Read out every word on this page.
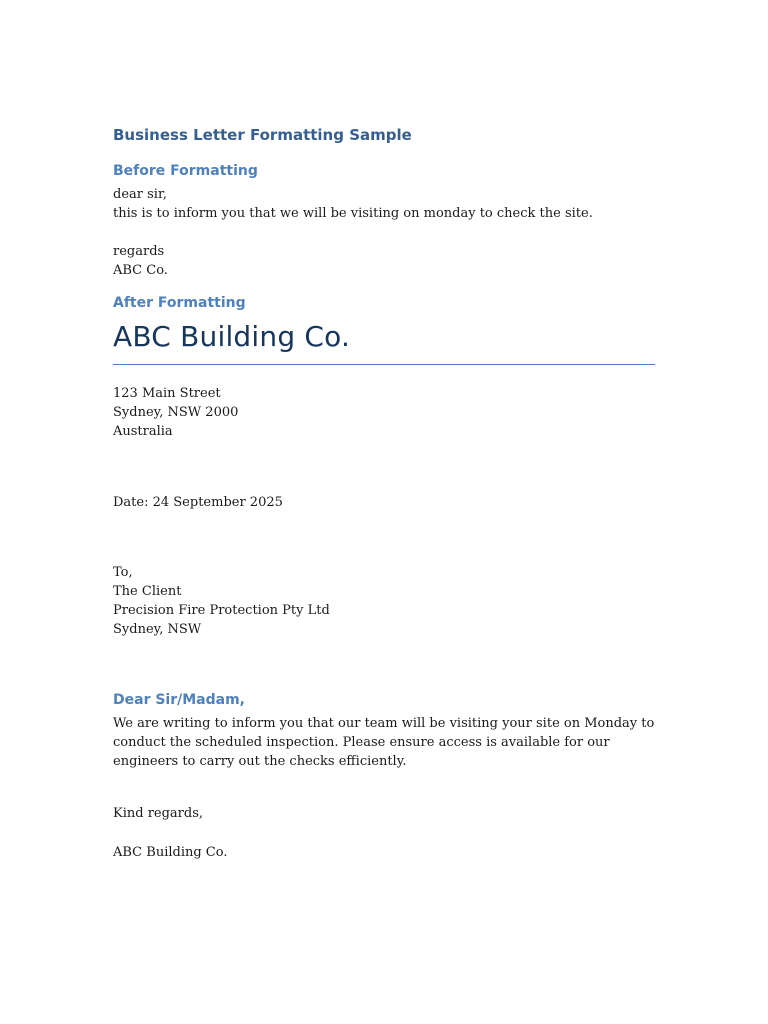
Business Letter Formatting Sample
Before Formatting
dear sir,
this is to inform you that we will be visiting on monday to check the site.
regards
ABC Co.
After Formatting
ABC Building Co.
123 Main Street
Sydney, NSW 2000
Australia
Date: 24 September 2025
To,
The Client
Precision Fire Protection Pty Ltd
Sydney, NSW
Dear Sir/Madam,
We are writing to inform you that our team will be visiting your site on Monday to conduct the scheduled inspection. Please ensure access is available for our engineers to carry out the checks efficiently.
Kind regards,
ABC Building Co.
